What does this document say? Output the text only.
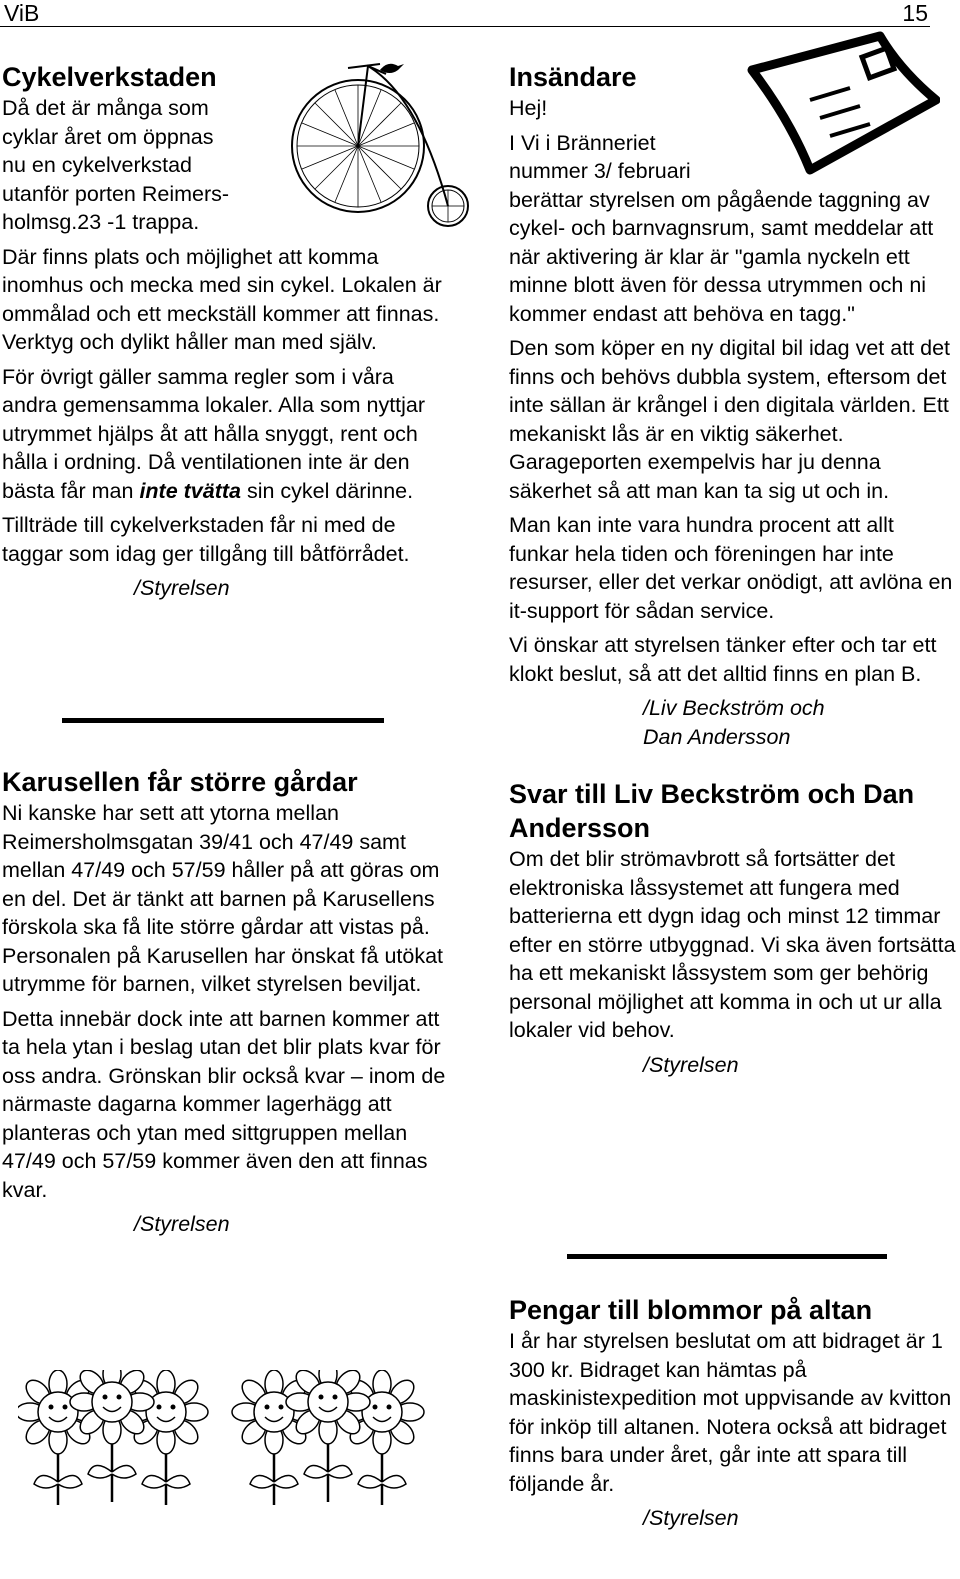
ViB	15
Cykelverkstaden

Då det är många som

cyklar året om öppnas

nu en cykelverkstad

utanför porten Reimers-

holmsg.23 -1 trappa.

Där finns plats och möjlighet att komma inomhus och mecka med sin cykel. Lokalen är ommålad och ett meckställ kommer att finnas. Verktyg och dylikt håller man med själv.

För övrigt gäller samma regler som i våra andra gemensamma lokaler. Alla som nyttjar utrymmet hjälps åt att hålla snyggt, rent och hålla i ordning. Då ventilationen inte är den bästa får man inte tvätta sin cykel därinne.

Tillträde till cykelverkstaden får ni med de taggar som idag ger tillgång till båtförrådet.

/Styrelsen
Karusellen får större gårdar

Ni kanske har sett att ytorna mellan Reimersholmsgatan 39/41 och 47/49 samt mellan 47/49 och 57/59 håller på att göras om en del. Det är tänkt att barnen på Karusellens förskola ska få lite större gårdar att vistas på. Personalen på Karusellen har önskat få utökat utrymme för barnen, vilket styrelsen beviljat.

Detta innebär dock inte att barnen kommer att ta hela ytan i beslag utan det blir plats kvar för oss andra. Grönskan blir också kvar – inom de närmaste dagarna kommer lagerhägg att planteras och ytan med sittgruppen mellan 47/49 och 57/59 kommer även den att finnas kvar.

/Styrelsen
Insändare

Hej!

I Vi i Bränneriet

nummer 3/ februari

berättar styrelsen om pågående taggning av cykel- och barnvagnsrum, samt meddelar att när aktivering är klar är "gamla nyckeln ett minne blott även för dessa utrymmen och ni kommer endast att behöva en tagg."

Den som köper en ny digital bil idag vet att det finns och behövs dubbla system, eftersom det inte sällan är krångel i den digitala världen. Ett mekaniskt lås är en viktig säkerhet. Garageporten exempelvis har ju denna säkerhet så att man kan ta sig ut och in.

Man kan inte vara hundra procent att allt funkar hela tiden och föreningen har inte resurser, eller det verkar onödigt, att avlöna en it-support för sådan service.

Vi önskar att styrelsen tänker efter och tar ett klokt beslut, så att det alltid finns en plan B.

/Liv Beckström och
Dan Andersson
Svar till Liv Beckström och Dan Andersson

Om det blir strömavbrott så fortsätter det elektroniska låssystemet att fungera med batterierna ett dygn idag och minst 12 timmar efter en större utbyggnad. Vi ska även fortsätta ha ett mekaniskt låssystem som ger behörig personal möjlighet att komma in och ut ur alla lokaler vid behov.

/Styrelsen
Pengar till blommor på altan

I år har styrelsen beslutat om att bidraget är 1 300 kr. Bidraget kan hämtas på maskinistexpedition mot uppvisande av kvitton för inköp till altanen. Notera också att bidraget finns bara under året, går inte att spara till följande år.

/Styrelsen
